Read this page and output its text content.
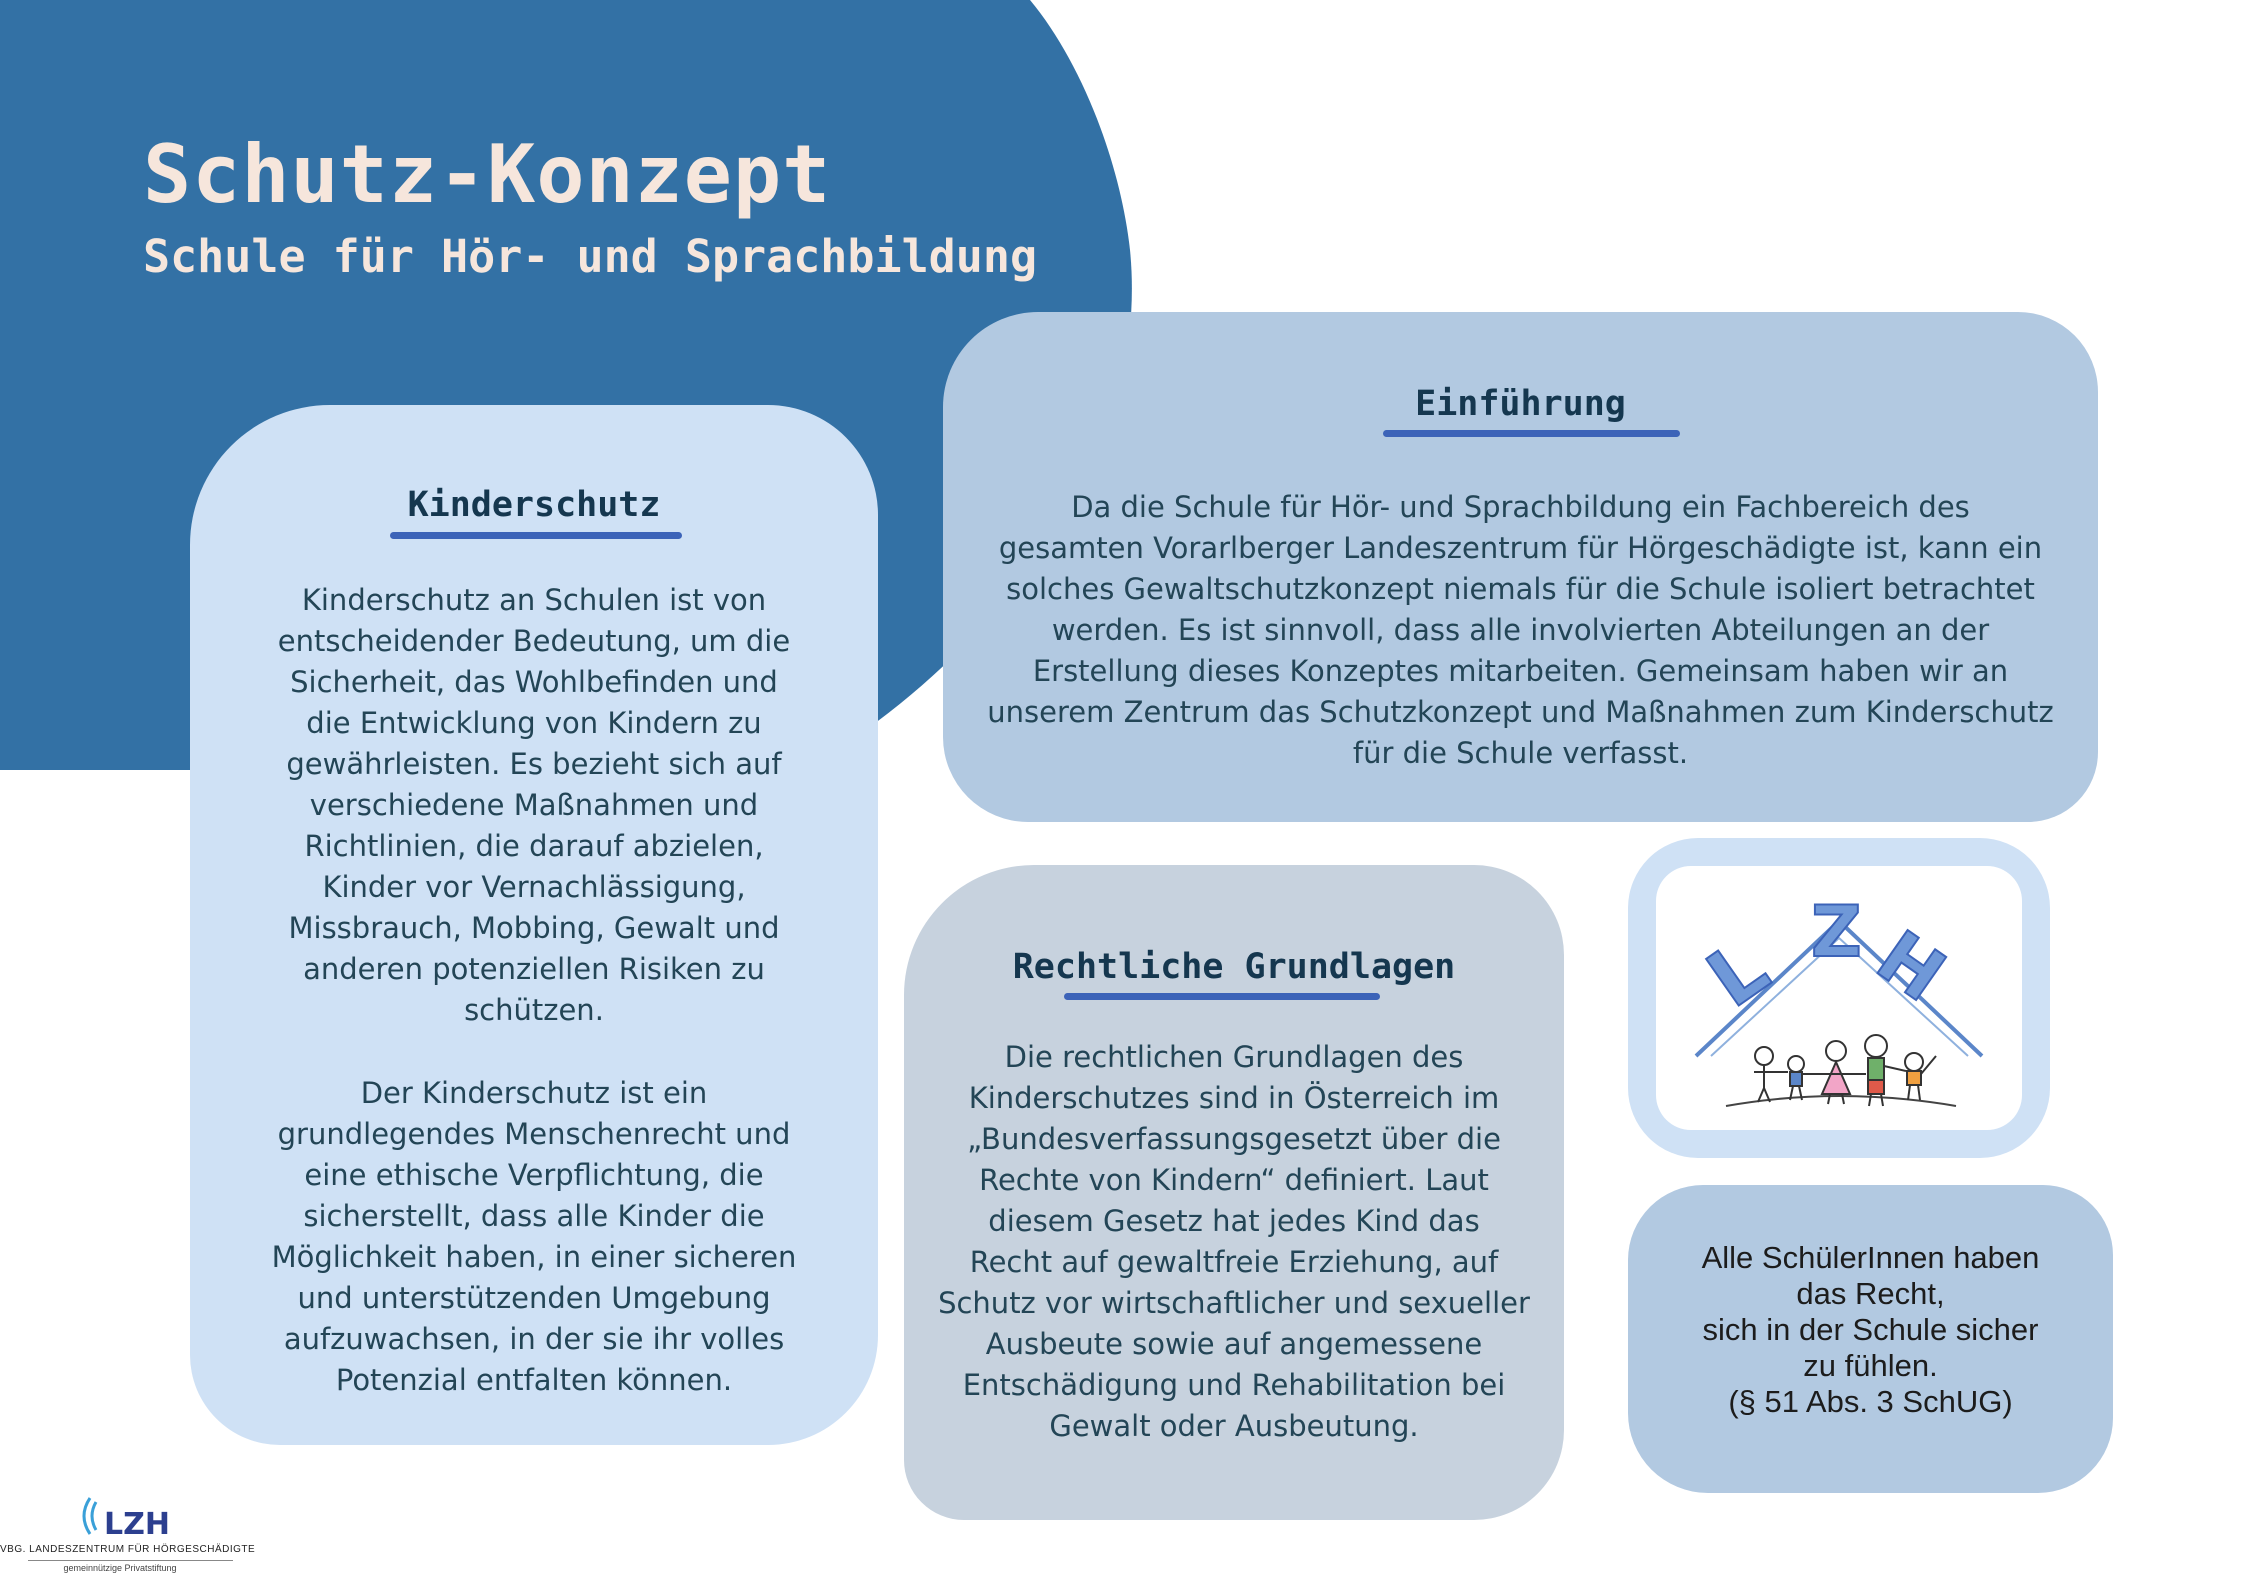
Schutz-Konzept
Schule für Hör- und Sprachbildung
Kinderschutz
Kinderschutz an Schulen ist von
entscheidender Bedeutung, um die
Sicherheit, das Wohlbefinden und
die Entwicklung von Kindern zu
gewährleisten. Es bezieht sich auf
verschiedene Maßnahmen und
Richtlinien, die darauf abzielen,
Kinder vor Vernachlässigung,
Missbrauch, Mobbing, Gewalt und
anderen potenziellen Risiken zu
schützen.
Der Kinderschutz ist ein
grundlegendes Menschenrecht und
eine ethische Verpflichtung, die
sicherstellt, dass alle Kinder die
Möglichkeit haben, in einer sicheren
und unterstützenden Umgebung
aufzuwachsen, in der sie ihr volles
Potenzial entfalten können.
Einführung
Da die Schule für Hör- und Sprachbildung ein Fachbereich des
gesamten Vorarlberger Landeszentrum für Hörgeschädigte ist, kann ein
solches Gewaltschutzkonzept niemals für die Schule isoliert betrachtet
werden. Es ist sinnvoll, dass alle involvierten Abteilungen an der
Erstellung dieses Konzeptes mitarbeiten. Gemeinsam haben wir an
unserem Zentrum das Schutzkonzept und Maßnahmen zum Kinderschutz
für die Schule verfasst.
Rechtliche Grundlagen
Die rechtlichen Grundlagen des
Kinderschutzes sind in Österreich im
„Bundesverfassungsgesetzt über die
Rechte von Kindern“ definiert. Laut
diesem Gesetz hat jedes Kind das
Recht auf gewaltfreie Erziehung, auf
Schutz vor wirtschaftlicher und sexueller
Ausbeute sowie auf angemessene
Entschädigung und Rehabilitation bei
Gewalt oder Ausbeutung.
L Z H
Alle SchülerInnen haben
das Recht,
sich in der Schule sicher
zu fühlen.
(§ 51 Abs. 3 SchUG)
LZH
VBG. LANDESZENTRUM FÜR HÖRGESCHÄDIGTE
gemeinnützige Privatstiftung
